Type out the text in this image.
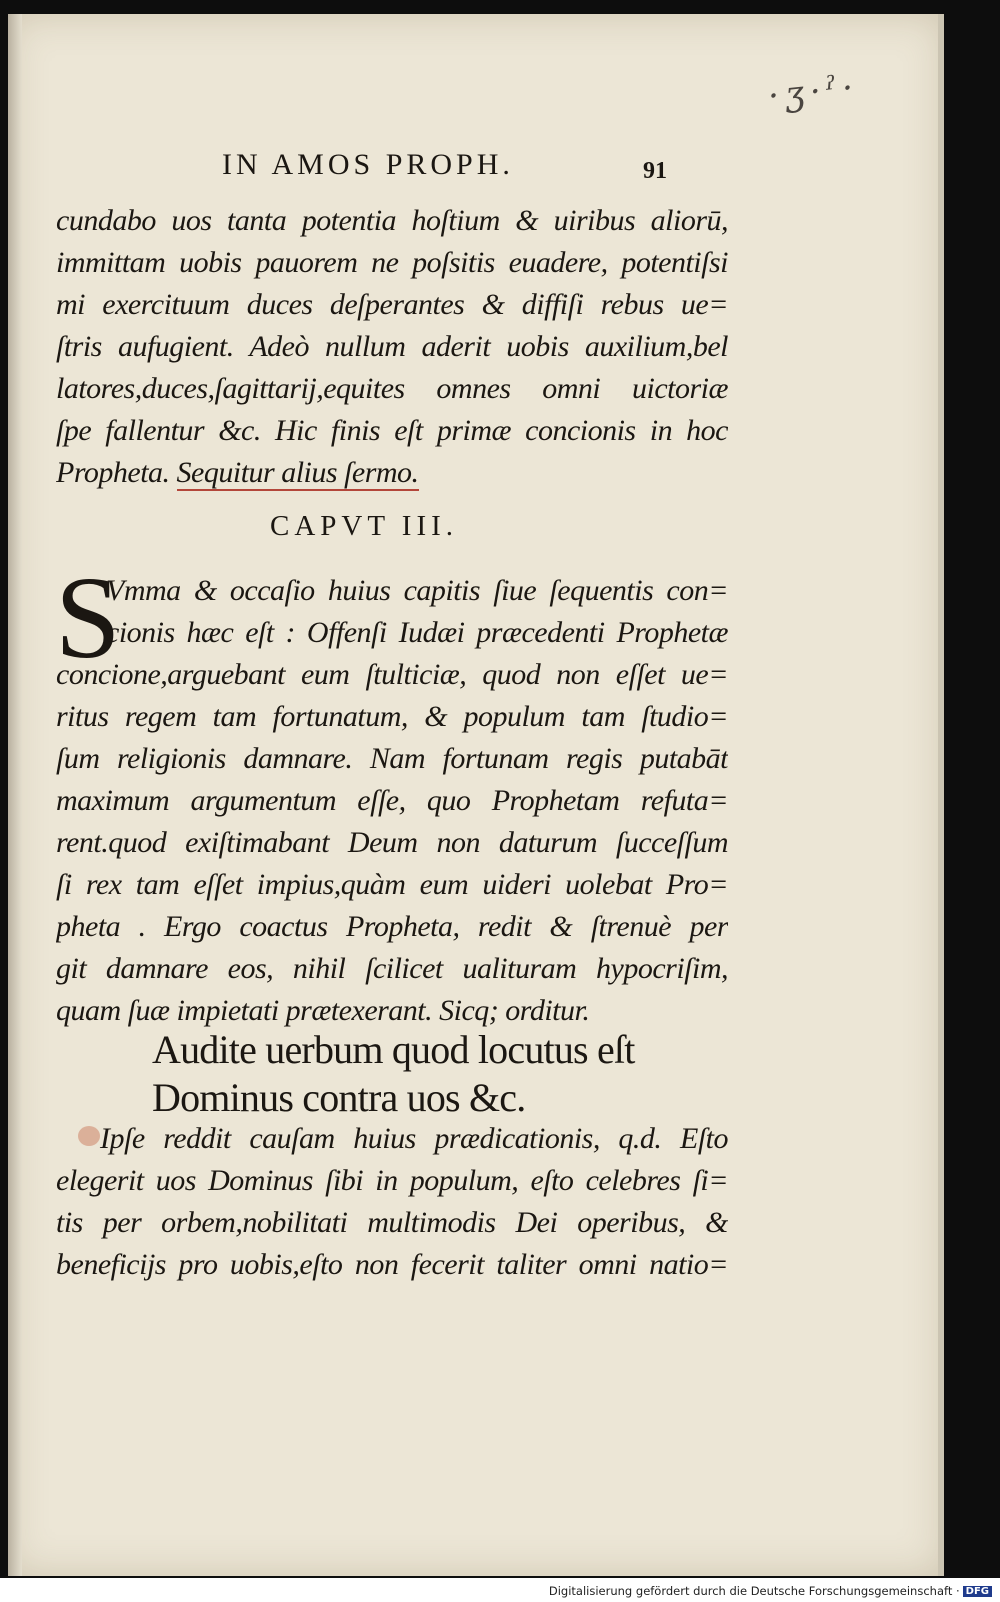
·ʒ·ˀ·
IN AMOS PROPH.	91
cundabo uos tanta potentia hoſtium & uiribus aliorū,
immittam uobis pauorem ne poſsitis euadere, potentiſsi
mi exercituum duces deſperantes & diffiſi rebus ue=
ſtris aufugient. Adeò nullum aderit uobis auxilium,bel
latores,duces,ſagittarij,equites omnes omni uictoriæ
ſpe fallentur &c. Hic finis eſt primæ concionis in hoc
Propheta. Sequitur alius ſermo.
CAPVT III.
S
Vmma & occaſio huius capitis ſiue ſequentis con=
cionis hæc eſt : Offenſi Iudæi præcedenti Prophetæ
concione,arguebant eum ſtulticiæ, quod non eſſet ue=
ritus regem tam fortunatum, & populum tam ſtudio=
ſum religionis damnare. Nam fortunam regis putabāt
maximum argumentum eſſe, quo Prophetam refuta=
rent.quod exiſtimabant Deum non daturum ſucceſſum
ſi rex tam eſſet impius,quàm eum uideri uolebat Pro=
pheta . Ergo coactus Propheta, redit & ſtrenuè per
git damnare eos, nihil ſcilicet ualituram hypocriſim,
quam ſuæ impietati prætexerant. Sicq; orditur.
Audite uerbum quod locutus eſt
Dominus contra uos &c.
Ipſe reddit cauſam huius prædicationis, q.d. Eſto
elegerit uos Dominus ſibi in populum, eſto celebres ſi=
tis per orbem,nobilitati multimodis Dei operibus, &
beneficijs pro uobis,eſto non fecerit taliter omni natio=
Digitalisierung gefördert durch die Deutsche Forschungsgemeinschaft · DFG
